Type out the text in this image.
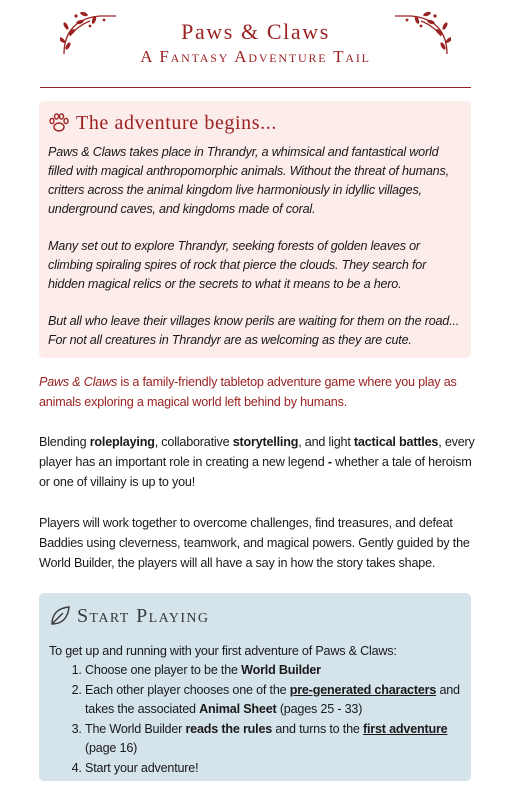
Paws & Claws
A Fantasy Adventure Tail
The adventure begins...

Paws & Claws takes place in Thrandyr, a whimsical and fantastical world filled with magical anthropomorphic animals. Without the threat of humans, critters across the animal kingdom live harmoniously in idyllic villages, underground caves, and kingdoms made of coral.

Many set out to explore Thrandyr, seeking forests of golden leaves or climbing spiraling spires of rock that pierce the clouds. They search for hidden magical relics or the secrets to what it means to be a hero.

But all who leave their villages know perils are waiting for them on the road... For not all creatures in Thrandyr are as welcoming as they are cute.

Paws & Claws is a family-friendly tabletop adventure game where you play as animals exploring a magical world left behind by humans.

Blending roleplaying, collaborative storytelling, and light tactical battles, every player has an important role in creating a new legend - whether a tale of heroism or one of villainy is up to you!

Players will work together to overcome challenges, find treasures, and defeat Baddies using cleverness, teamwork, and magical powers. Gently guided by the World Builder, the players will all have a say in how the story takes shape.

Start Playing
To get up and running with your first adventure of Paws & Claws:
1. Choose one player to be the World Builder
2. Each other player chooses one of the pre-generated characters and takes the associated Animal Sheet (pages 25 - 33)
3. The World Builder reads the rules and turns to the first adventure (page 16)
4. Start your adventure!
